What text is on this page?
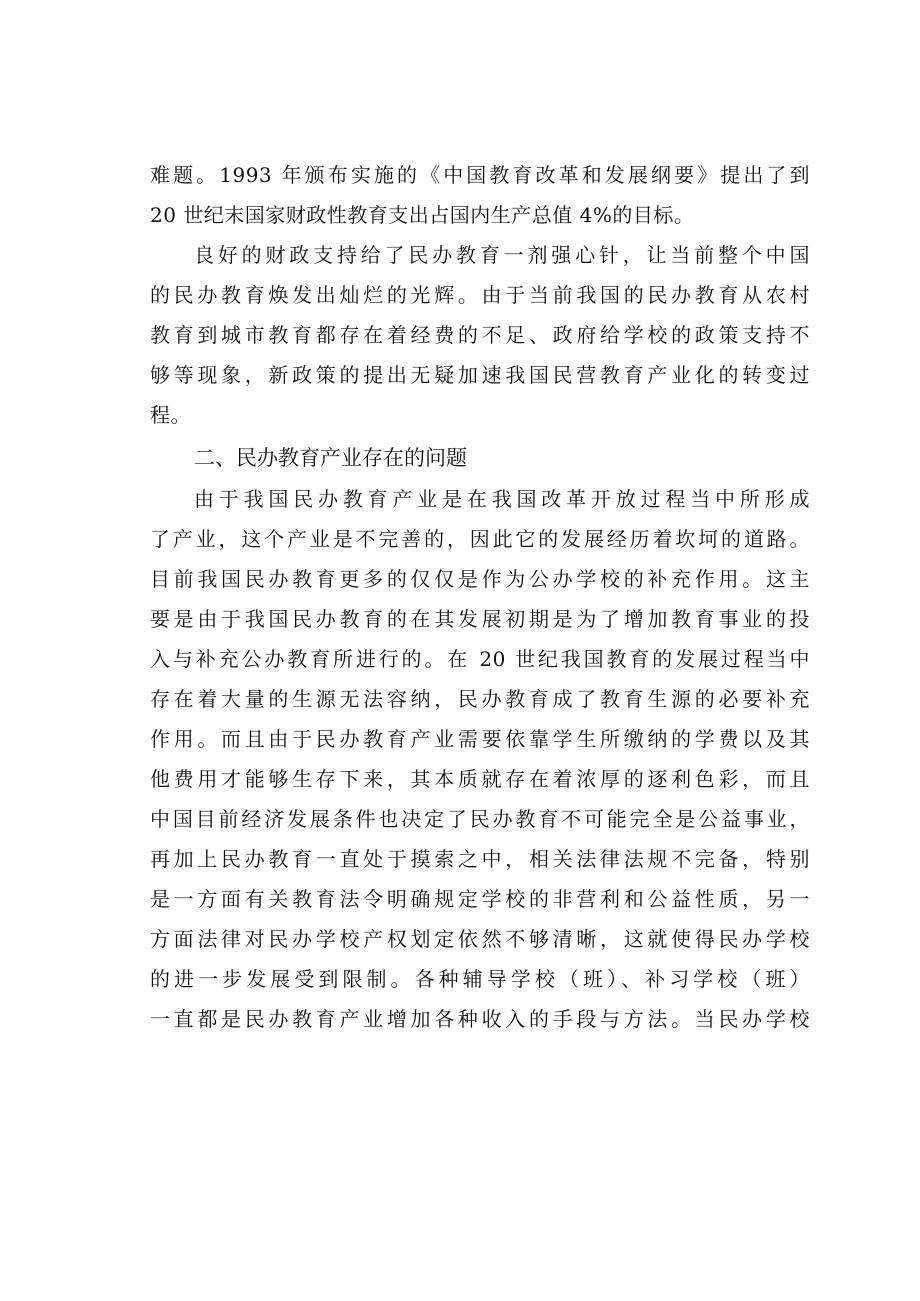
难题。1993 年颁布实施的《中国教育改革和发展纲要》提出了到
20 世纪末国家财政性教育支出占国内生产总值 4%的目标。
良好的财政支持给了民办教育一剂强心针，让当前整个中国
的民办教育焕发出灿烂的光辉。由于当前我国的民办教育从农村
教育到城市教育都存在着经费的不足、政府给学校的政策支持不
够等现象，新政策的提出无疑加速我国民营教育产业化的转变过
程。
二、民办教育产业存在的问题
由于我国民办教育产业是在我国改革开放过程当中所形成
了产业，这个产业是不完善的，因此它的发展经历着坎坷的道路。
目前我国民办教育更多的仅仅是作为公办学校的补充作用。这主
要是由于我国民办教育的在其发展初期是为了增加教育事业的投
入与补充公办教育所进行的。在 20 世纪我国教育的发展过程当中
存在着大量的生源无法容纳，民办教育成了教育生源的必要补充
作用。而且由于民办教育产业需要依靠学生所缴纳的学费以及其
他费用才能够生存下来，其本质就存在着浓厚的逐利色彩，而且
中国目前经济发展条件也决定了民办教育不可能完全是公益事业，
再加上民办教育一直处于摸索之中，相关法律法规不完备，特别
是一方面有关教育法令明确规定学校的非营利和公益性质，另一
方面法律对民办学校产权划定依然不够清晰，这就使得民办学校
的进一步发展受到限制。各种辅导学校（班）、补习学校（班）
一直都是民办教育产业增加各种收入的手段与方法。当民办学校
